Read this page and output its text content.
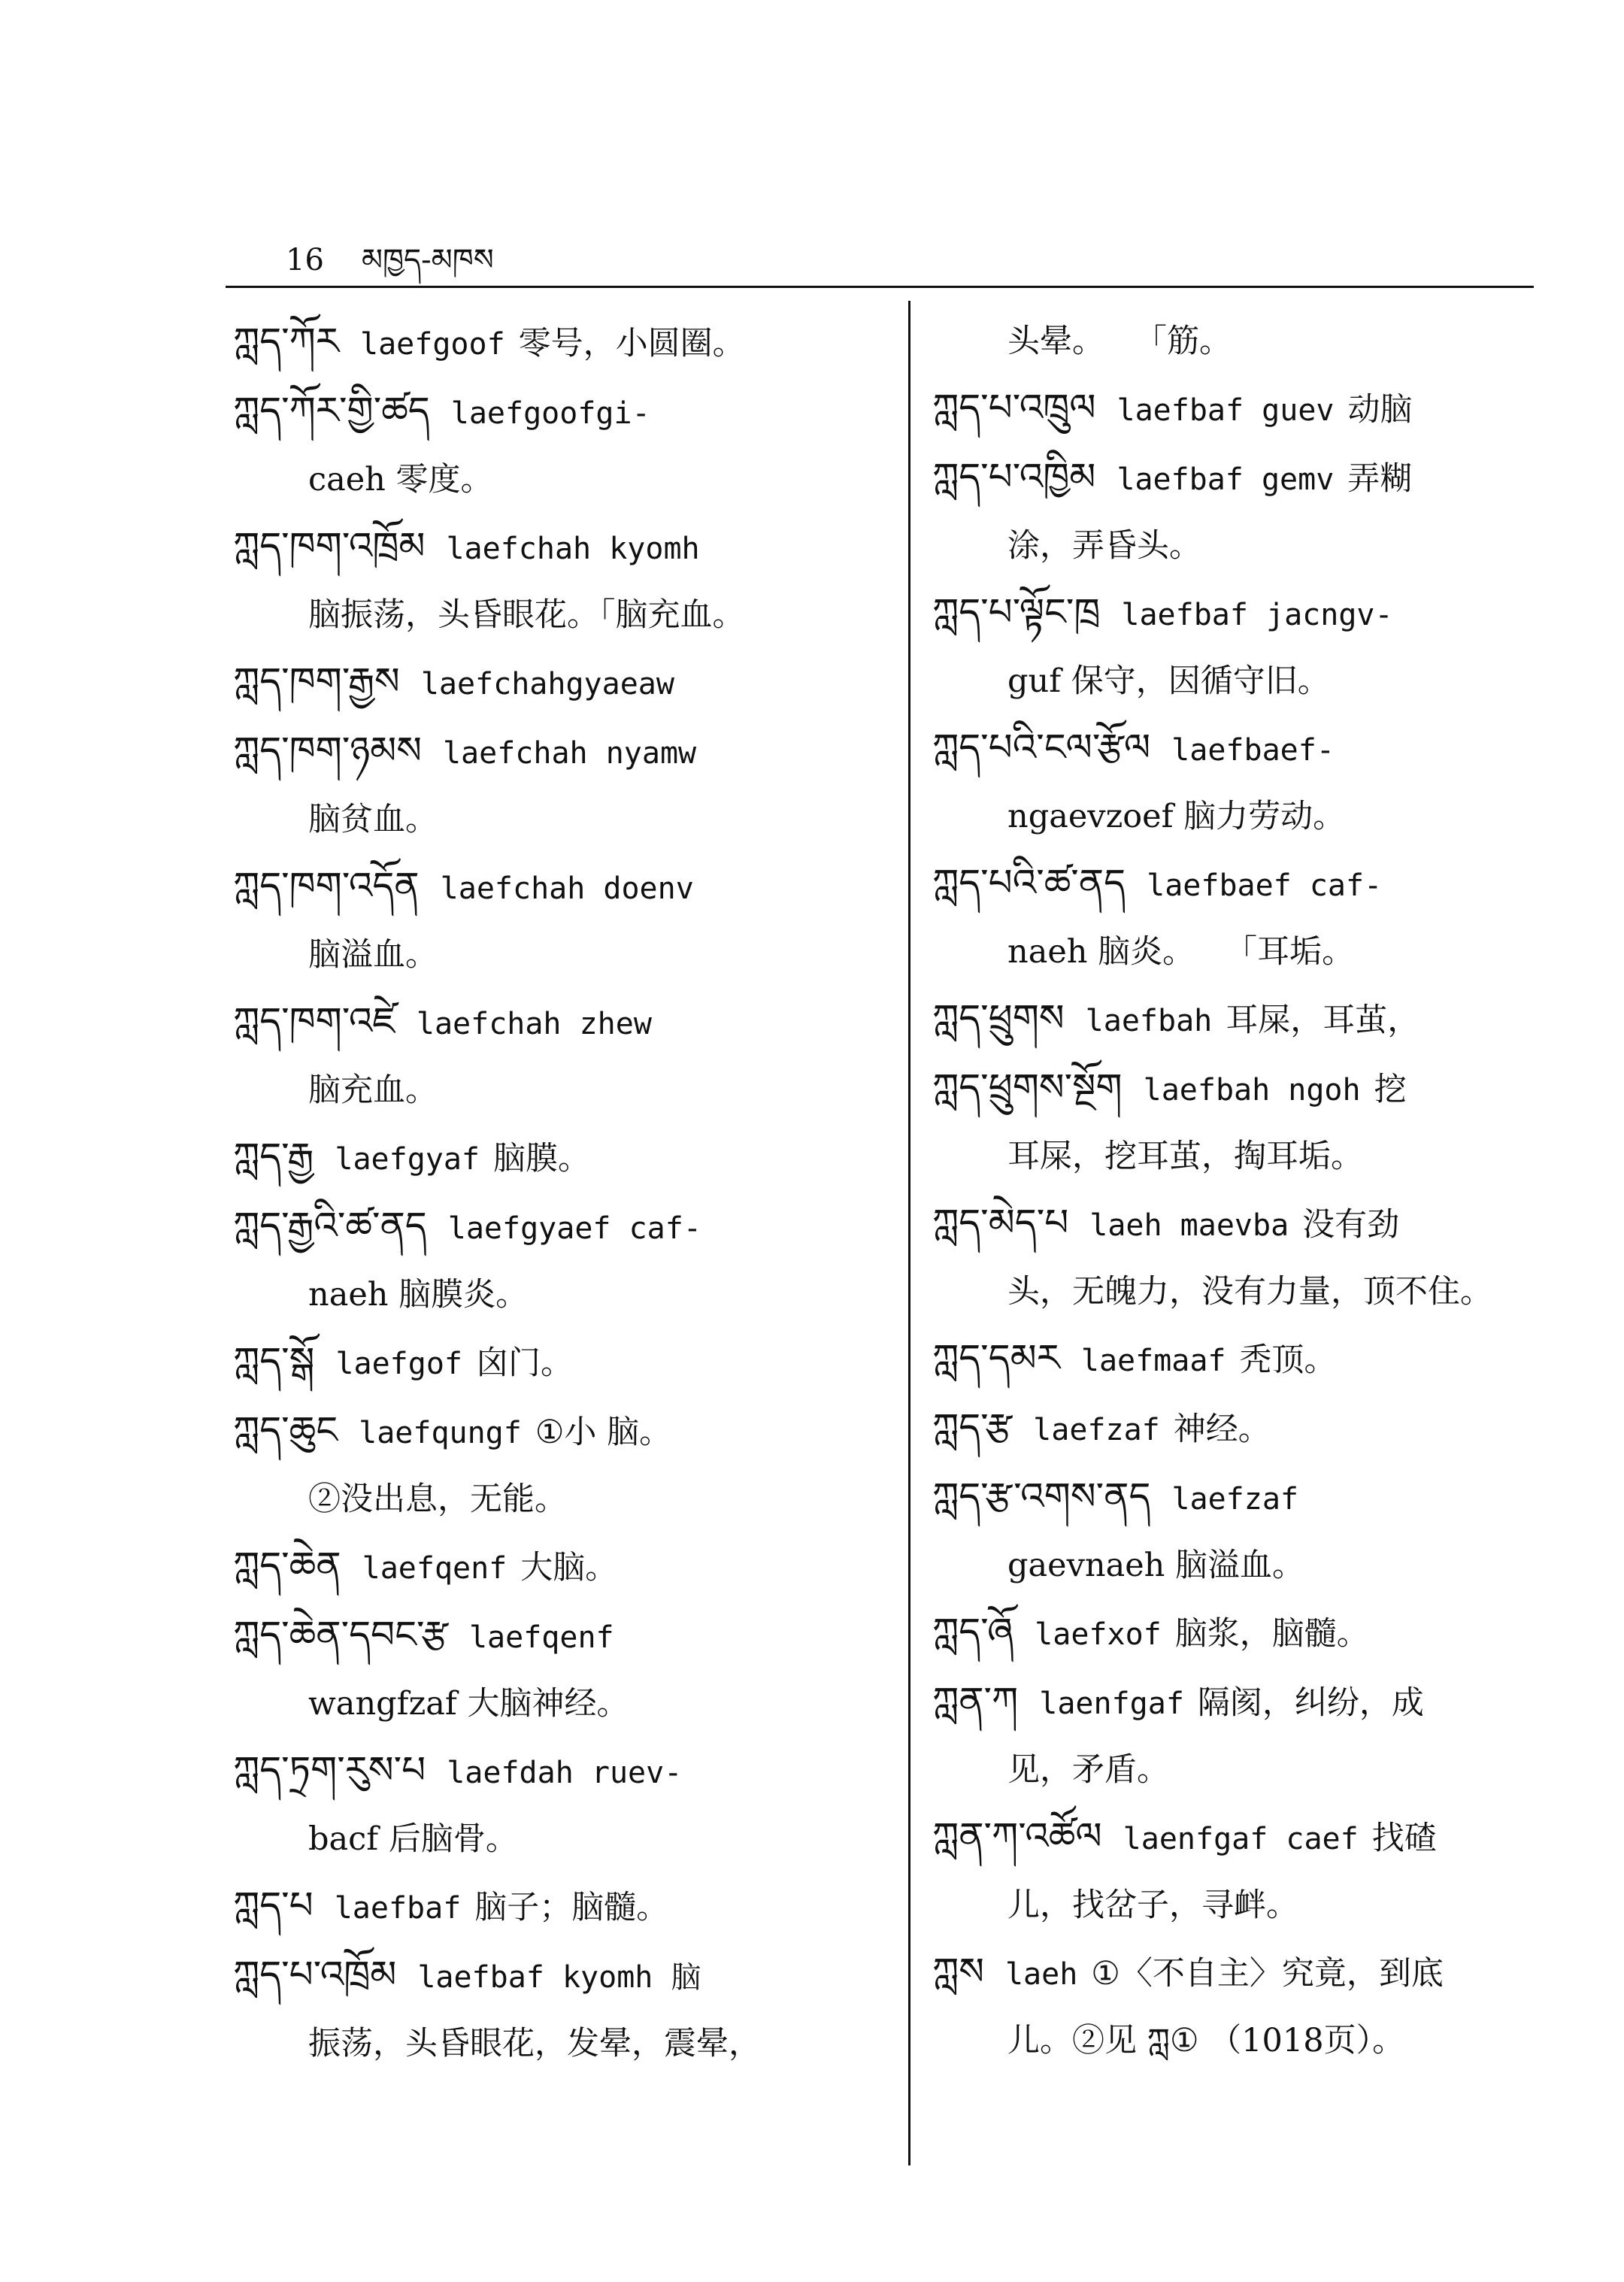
16 མཁྱད-མཁས
ཀླད་ཀོར laefgoof 零号，小圆圈。
ཀླད་ཀོར་གྱི་ཚད laefgoofgi-
caeh 零度。
ཀླད་ཁག་འཁྲོམ laefchah kyomh
脑振荡，头昏眼花。「脑充血。
ཀླད་ཁག་རྒྱས laefchahgyaeaw
ཀླད་ཁག་ཉམས laefchah nyamw
脑贫血。
ཀླད་ཁག་འདོན laefchah doenv
脑溢血。
ཀླད་ཁག་འཛེ laefchah zhew
脑充血。
ཀླད་རྒྱ laefgyaf 脑膜。
ཀླད་རྒྱའི་ཚ་ནད laefgyaef caf-
naeh 脑膜炎。
ཀླད་སྒོ laefgof 囟门。
ཀླད་ཆུང laefqungf ①小 脑。
②没出息，无能。
ཀླད་ཆེན laefqenf 大脑。
ཀླད་ཆེན་དབང་རྩ laefqenf
wangfzaf 大脑神经。
ཀླད་ཏྲག་རུས་པ laefdah ruev-
bacf 后脑骨。
ཀླད་པ laefbaf 脑子；脑髓。
ཀླད་པ་འཁྲོམ laefbaf kyomh 脑
振荡，头昏眼花，发晕，震晕，
头晕。 「筋。
ཀླད་པ་འཁྲུལ laefbaf guev 动脑
ཀླད་པ་འཁྱིམ laefbaf gemv 弄糊
涂，弄昏头。
ཀླད་པ་ལྟོང་ཁྲ laefbaf jacngv-
guf 保守，因循守旧。
ཀླད་པའི་ངལ་རྩོལ laefbaef-
ngaevzoef 脑力劳动。
ཀླད་པའི་ཚ་ནད laefbaef caf-
naeh 脑炎。 「耳垢。
ཀླད་ཕྲུགས laefbah 耳屎，耳茧，
ཀླད་ཕྲུགས་སྔོག laefbah ngoh 挖
耳屎，挖耳茧，掏耳垢。
ཀླད་མེད་པ laeh maevba 没有劲
头，无魄力，没有力量，顶不住。
ཀླད་དམར laefmaaf 秃顶。
ཀླད་རྩ laefzaf 神经。
ཀླད་རྩ་འགས་ནད laefzaf
gaevnaeh 脑溢血。
ཀླད་ཞོ laefxof 脑浆，脑髓。
ཀླན་ཀ laenfgaf 隔阂，纠纷，成
见，矛盾。
ཀླན་ཀ་འཚོལ laenfgaf caef 找碴
儿，找岔子，寻衅。
ཀླས laeh ①〈不自主〉究竟，到底
儿。②见 ཀླ① （1018页）。
